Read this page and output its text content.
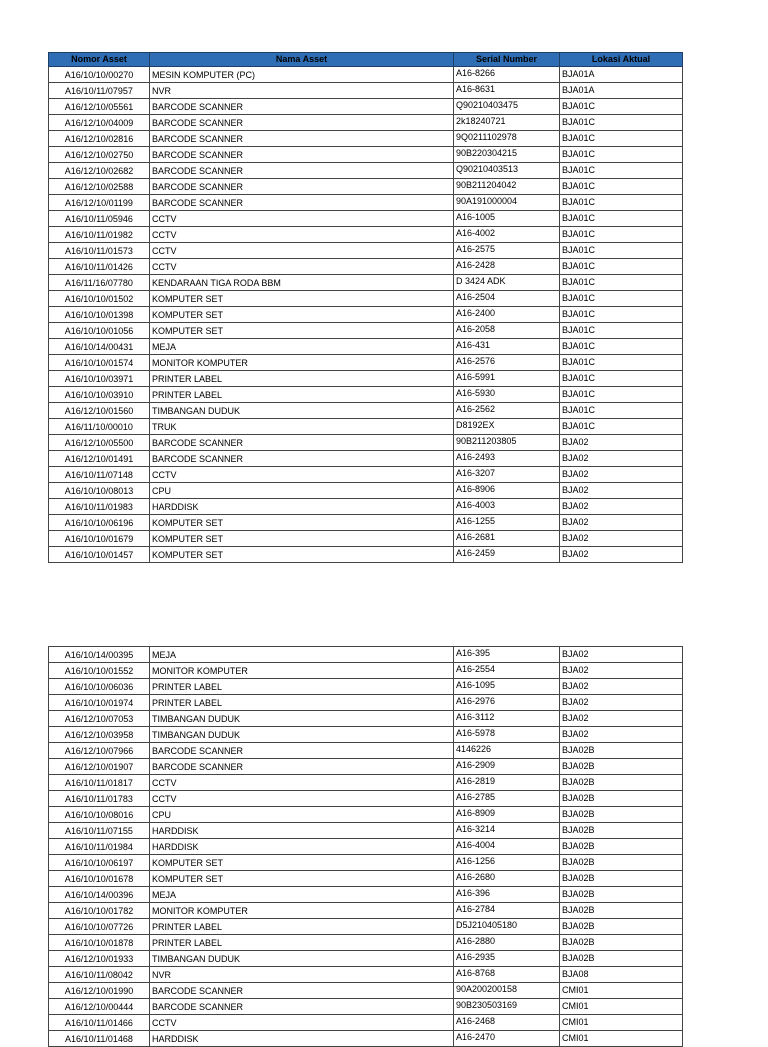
Nomor Asset	Nama Asset	Serial Number	Lokasi Aktual
A16/10/10/00270	MESIN KOMPUTER (PC)	A16-8266	BJA01A
A16/10/11/07957	NVR	A16-8631	BJA01A
A16/12/10/05561	BARCODE SCANNER	Q90210403475	BJA01C
A16/12/10/04009	BARCODE SCANNER	2k18240721	BJA01C
A16/12/10/02816	BARCODE SCANNER	9Q0211102978	BJA01C
A16/12/10/02750	BARCODE SCANNER	90B220304215	BJA01C
A16/12/10/02682	BARCODE SCANNER	Q90210403513	BJA01C
A16/12/10/02588	BARCODE SCANNER	90B211204042	BJA01C
A16/12/10/01199	BARCODE SCANNER	90A191000004	BJA01C
A16/10/11/05946	CCTV	A16-1005	BJA01C
A16/10/11/01982	CCTV	A16-4002	BJA01C
A16/10/11/01573	CCTV	A16-2575	BJA01C
A16/10/11/01426	CCTV	A16-2428	BJA01C
A16/11/16/07780	KENDARAAN TIGA RODA BBM	D 3424 ADK	BJA01C
A16/10/10/01502	KOMPUTER SET	A16-2504	BJA01C
A16/10/10/01398	KOMPUTER SET	A16-2400	BJA01C
A16/10/10/01056	KOMPUTER SET	A16-2058	BJA01C
A16/10/14/00431	MEJA	A16-431	BJA01C
A16/10/10/01574	MONITOR KOMPUTER	A16-2576	BJA01C
A16/10/10/03971	PRINTER LABEL	A16-5991	BJA01C
A16/10/10/03910	PRINTER LABEL	A16-5930	BJA01C
A16/12/10/01560	TIMBANGAN DUDUK	A16-2562	BJA01C
A16/11/10/00010	TRUK	D8192EX	BJA01C
A16/12/10/05500	BARCODE SCANNER	90B211203805	BJA02
A16/12/10/01491	BARCODE SCANNER	A16-2493	BJA02
A16/10/11/07148	CCTV	A16-3207	BJA02
A16/10/10/08013	CPU	A16-8906	BJA02
A16/10/11/01983	HARDDISK	A16-4003	BJA02
A16/10/10/06196	KOMPUTER SET	A16-1255	BJA02
A16/10/10/01679	KOMPUTER SET	A16-2681	BJA02
A16/10/10/01457	KOMPUTER SET	A16-2459	BJA02
A16/10/14/00395	MEJA	A16-395	BJA02
A16/10/10/01552	MONITOR KOMPUTER	A16-2554	BJA02
A16/10/10/06036	PRINTER LABEL	A16-1095	BJA02
A16/10/10/01974	PRINTER LABEL	A16-2976	BJA02
A16/12/10/07053	TIMBANGAN DUDUK	A16-3112	BJA02
A16/12/10/03958	TIMBANGAN DUDUK	A16-5978	BJA02
A16/12/10/07966	BARCODE SCANNER	4146226	BJA02B
A16/12/10/01907	BARCODE SCANNER	A16-2909	BJA02B
A16/10/11/01817	CCTV	A16-2819	BJA02B
A16/10/11/01783	CCTV	A16-2785	BJA02B
A16/10/10/08016	CPU	A16-8909	BJA02B
A16/10/11/07155	HARDDISK	A16-3214	BJA02B
A16/10/11/01984	HARDDISK	A16-4004	BJA02B
A16/10/10/06197	KOMPUTER SET	A16-1256	BJA02B
A16/10/10/01678	KOMPUTER SET	A16-2680	BJA02B
A16/10/14/00396	MEJA	A16-396	BJA02B
A16/10/10/01782	MONITOR KOMPUTER	A16-2784	BJA02B
A16/10/10/07726	PRINTER LABEL	D5J210405180	BJA02B
A16/10/10/01878	PRINTER LABEL	A16-2880	BJA02B
A16/12/10/01933	TIMBANGAN DUDUK	A16-2935	BJA02B
A16/10/11/08042	NVR	A16-8768	BJA08
A16/12/10/01990	BARCODE SCANNER	90A200200158	CMI01
A16/12/10/00444	BARCODE SCANNER	90B230503169	CMI01
A16/10/11/01466	CCTV	A16-2468	CMI01
A16/10/11/01468	HARDDISK	A16-2470	CMI01
